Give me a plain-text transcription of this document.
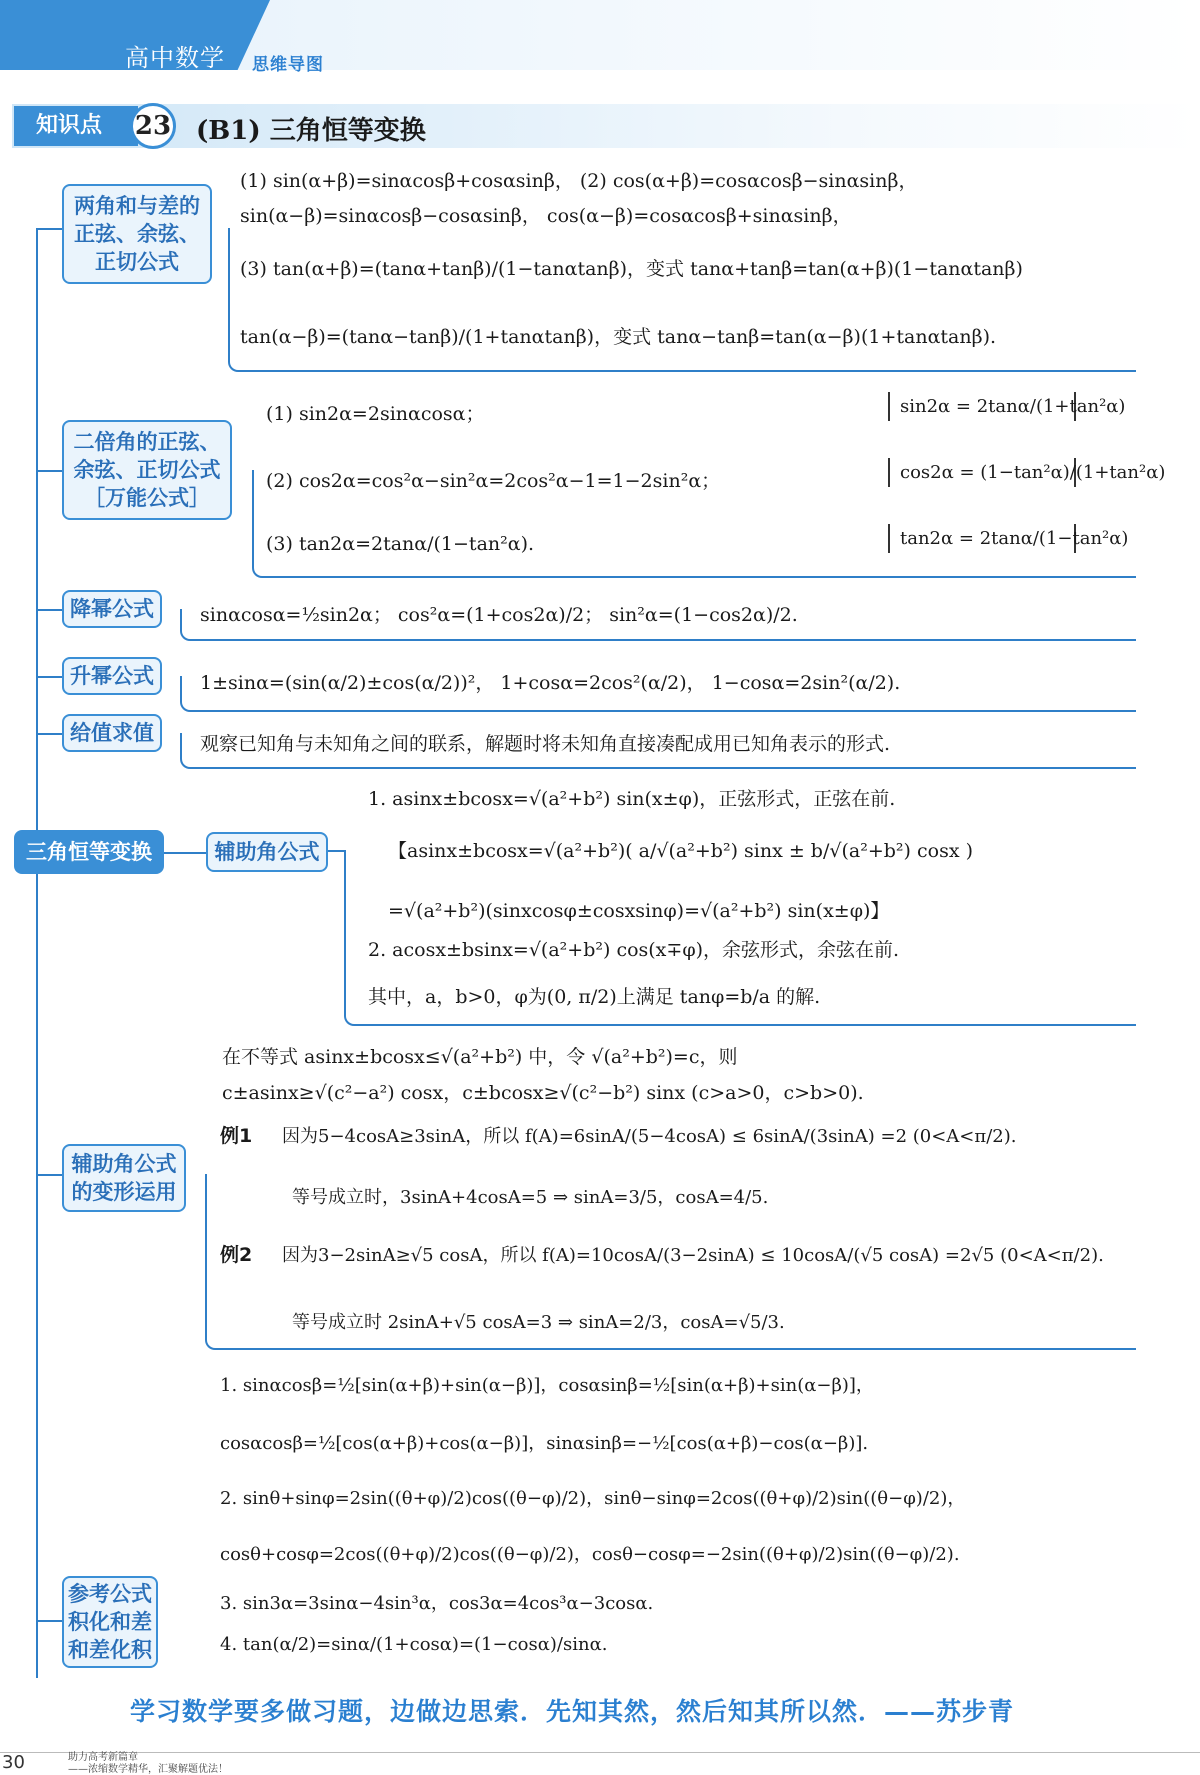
高中数学 思维导图
知识点	23 (B1) 三角恒等变换
三角恒等变换
两角和与差的正弦、余弦、正切公式
(1) sin(α+β)=sinαcosβ+cosαsinβ， (2) cos(α+β)=cosαcosβ−sinαsinβ，
sin(α−β)=sinαcosβ−cosαsinβ， cos(α−β)=cosαcosβ+sinαsinβ，
(3) tan(α+β)=(tanα+tanβ)/(1−tanαtanβ)，变式 tanα+tanβ=tan(α+β)(1−tanαtanβ)
tan(α−β)=(tanα−tanβ)/(1+tanαtanβ)，变式 tanα−tanβ=tan(α−β)(1+tanαtanβ).
二倍角的正弦、余弦、正切公式［万能公式］
(1) sin2α=2sinαcosα；
(2) cos2α=cos²α−sin²α=2cos²α−1=1−2sin²α；
(3) tan2α=2tanα/(1−tan²α).
sin2α = 2tanα/(1+tan²α)
cos2α = (1−tan²α)/(1+tan²α)
tan2α = 2tanα/(1−tan²α)
降幂公式	sinαcosα=½sin2α； cos²α=(1+cos2α)/2； sin²α=(1−cos2α)/2.
升幂公式	1±sinα=(sin(α/2)±cos(α/2))²， 1+cosα=2cos²(α/2)， 1−cosα=2sin²(α/2).
给值求值	观察已知角与未知角之间的联系，解题时将未知角直接凑配成用已知角表示的形式.
辅助角公式
1. asinx±bcosx=√(a²+b²) sin(x±φ)，正弦形式，正弦在前.
【asinx±bcosx=√(a²+b²)( a/√(a²+b²) sinx ± b/√(a²+b²) cosx )
=√(a²+b²)(sinxcosφ±cosxsinφ)=√(a²+b²) sin(x±φ)】
2. acosx±bsinx=√(a²+b²) cos(x∓φ)，余弦形式，余弦在前.
其中，a，b>0，φ为(0, π/2)上满足 tanφ=b/a 的解.
辅助角公式的变形运用
在不等式 asinx±bcosx≤√(a²+b²) 中，令 √(a²+b²)=c，则
c±asinx≥√(c²−a²) cosx，c±bcosx≥√(c²−b²) sinx (c>a>0，c>b>0).
例1 因为5−4cosA≥3sinA，所以 f(A)=6sinA/(5−4cosA) ≤ 6sinA/(3sinA) =2 (0<A<π/2).
等号成立时，3sinA+4cosA=5 ⇒ sinA=3/5，cosA=4/5.
例2 因为3−2sinA≥√5 cosA，所以 f(A)=10cosA/(3−2sinA) ≤ 10cosA/(√5 cosA) =2√5 (0<A<π/2).
等号成立时 2sinA+√5 cosA=3 ⇒ sinA=2/3，cosA=√5/3.
参考公式积化和差和差化积
1. sinαcosβ=½[sin(α+β)+sin(α−β)]，cosαsinβ=½[sin(α+β)+sin(α−β)]，
cosαcosβ=½[cos(α+β)+cos(α−β)]，sinαsinβ=−½[cos(α+β)−cos(α−β)].
2. sinθ+sinφ=2sin((θ+φ)/2)cos((θ−φ)/2)，sinθ−sinφ=2cos((θ+φ)/2)sin((θ−φ)/2)，
cosθ+cosφ=2cos((θ+φ)/2)cos((θ−φ)/2)，cosθ−cosφ=−2sin((θ+φ)/2)sin((θ−φ)/2).
3. sin3α=3sinα−4sin³α，cos3α=4cos³α−3cosα.
4. tan(α/2)=sinα/(1+cosα)=(1−cosα)/sinα.
学习数学要多做习题，边做边思索．先知其然，然后知其所以然．——苏步青
30	助力高考新篇章
——浓缩数学精华，汇聚解题优法！
